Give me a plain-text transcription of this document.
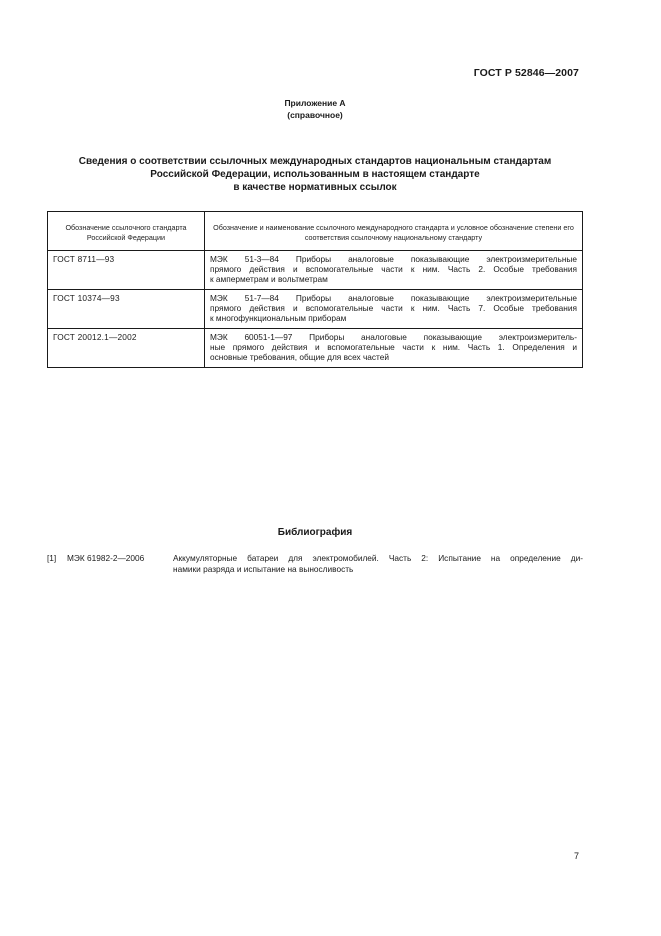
ГОСТ Р 52846—2007
Приложение А
(справочное)
Сведения о соответствии ссылочных международных стандартов национальным стандартам
Российской Федерации, использованным в настоящем стандарте
в качестве нормативных ссылок
Обозначение ссылочного стандарта Российской Федерации	Обозначение и наименование ссылочного международного стандарта и условное обозначение степени его соответствия ссылочному национальному стандарту
ГОСТ 8711—93	МЭК 51-3—84 Приборы аналоговые показывающие электроизмерительные
прямого действия и вспомогательные части к ним. Часть 2. Особые требования
к амперметрам и вольтметрам

ГОСТ 10374—93	МЭК 51-7—84 Приборы аналоговые показывающие электроизмерительные
прямого действия и вспомогательные части к ним. Часть 7. Особые требования
к многофункциональным приборам

ГОСТ 20012.1—2002	МЭК 60051-1—97 Приборы аналоговые показывающие электроизмеритель-
ные прямого действия и вспомогательные части к ним. Часть 1. Определения и
основные требования, общие для всех частей
Библиография
[1] МЭК 61982-2—2006	Аккумуляторные батареи для электромобилей. Часть 2: Испытание на определение ди-
намики разряда и испытание на выносливость
7
